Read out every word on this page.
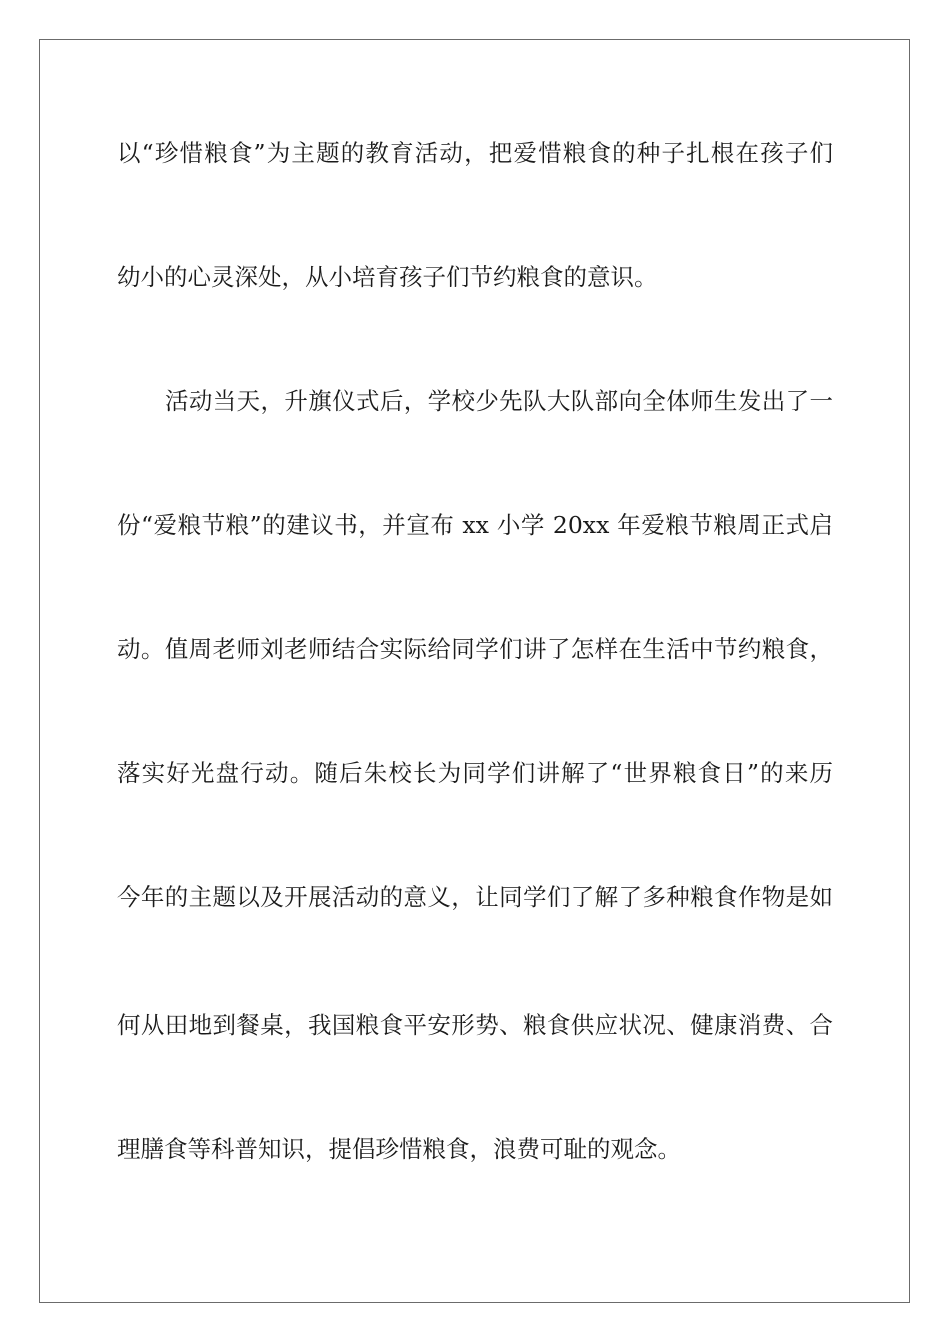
以“珍惜粮食”为主题的教育活动，把爱惜粮食的种子扎根在孩子们
幼小的心灵深处，从小培育孩子们节约粮食的意识。
活动当天，升旗仪式后，学校少先队大队部向全体师生发出了一
份“爱粮节粮”的建议书，并宣布 xx 小学 20xx 年爱粮节粮周正式启
动。值周老师刘老师结合实际给同学们讲了怎样在生活中节约粮食，
落实好光盘行动。随后朱校长为同学们讲解了“世界粮食日”的来历
今年的主题以及开展活动的意义，让同学们了解了多种粮食作物是如
何从田地到餐桌，我国粮食平安形势、粮食供应状况、健康消费、合
理膳食等科普知识，提倡珍惜粮食，浪费可耻的观念。
